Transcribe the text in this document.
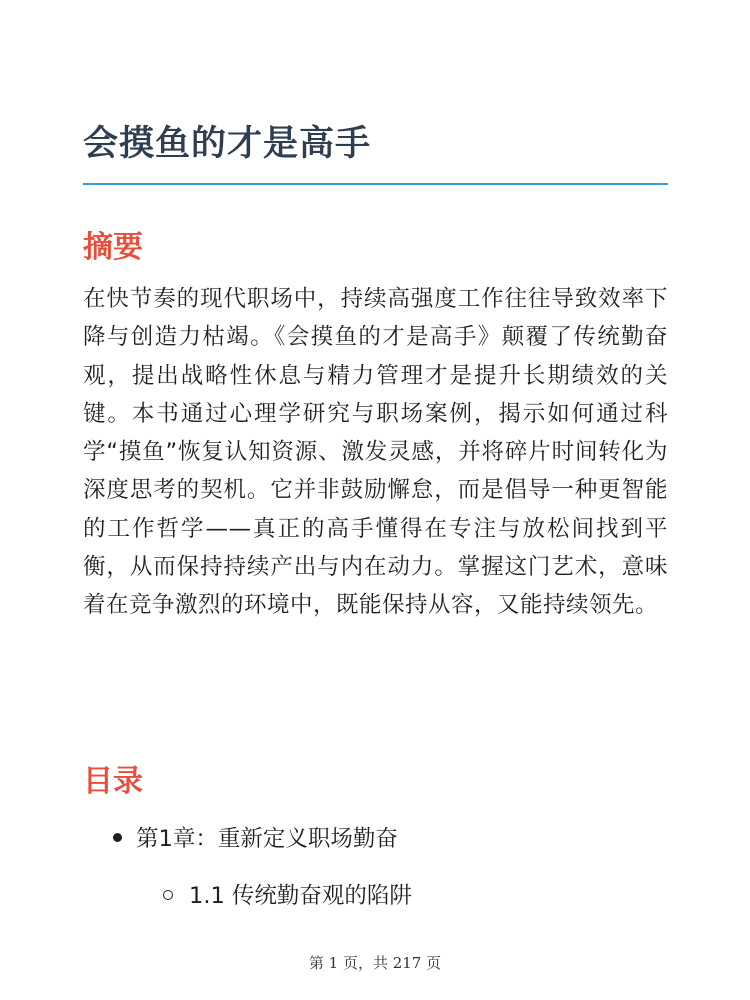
会摸鱼的才是高手
摘要

在快节奏的现代职场中，持续高强度工作往往导致效率下降与创造力枯竭。《会摸鱼的才是高手》颠覆了传统勤奋观，提出战略性休息与精力管理才是提升长期绩效的关键。本书通过心理学研究与职场案例，揭示如何通过科学“摸鱼”恢复认知资源、激发灵感，并将碎片时间转化为深度思考的契机。它并非鼓励懈怠，而是倡导一种更智能的工作哲学——真正的高手懂得在专注与放松间找到平衡，从而保持持续产出与内在动力。掌握这门艺术，意味着在竞争激烈的环境中，既能保持从容，又能持续领先。

目录
第1章：重新定义职场勤奋
1.1 传统勤奋观的陷阱
第 1 页，共 217 页
